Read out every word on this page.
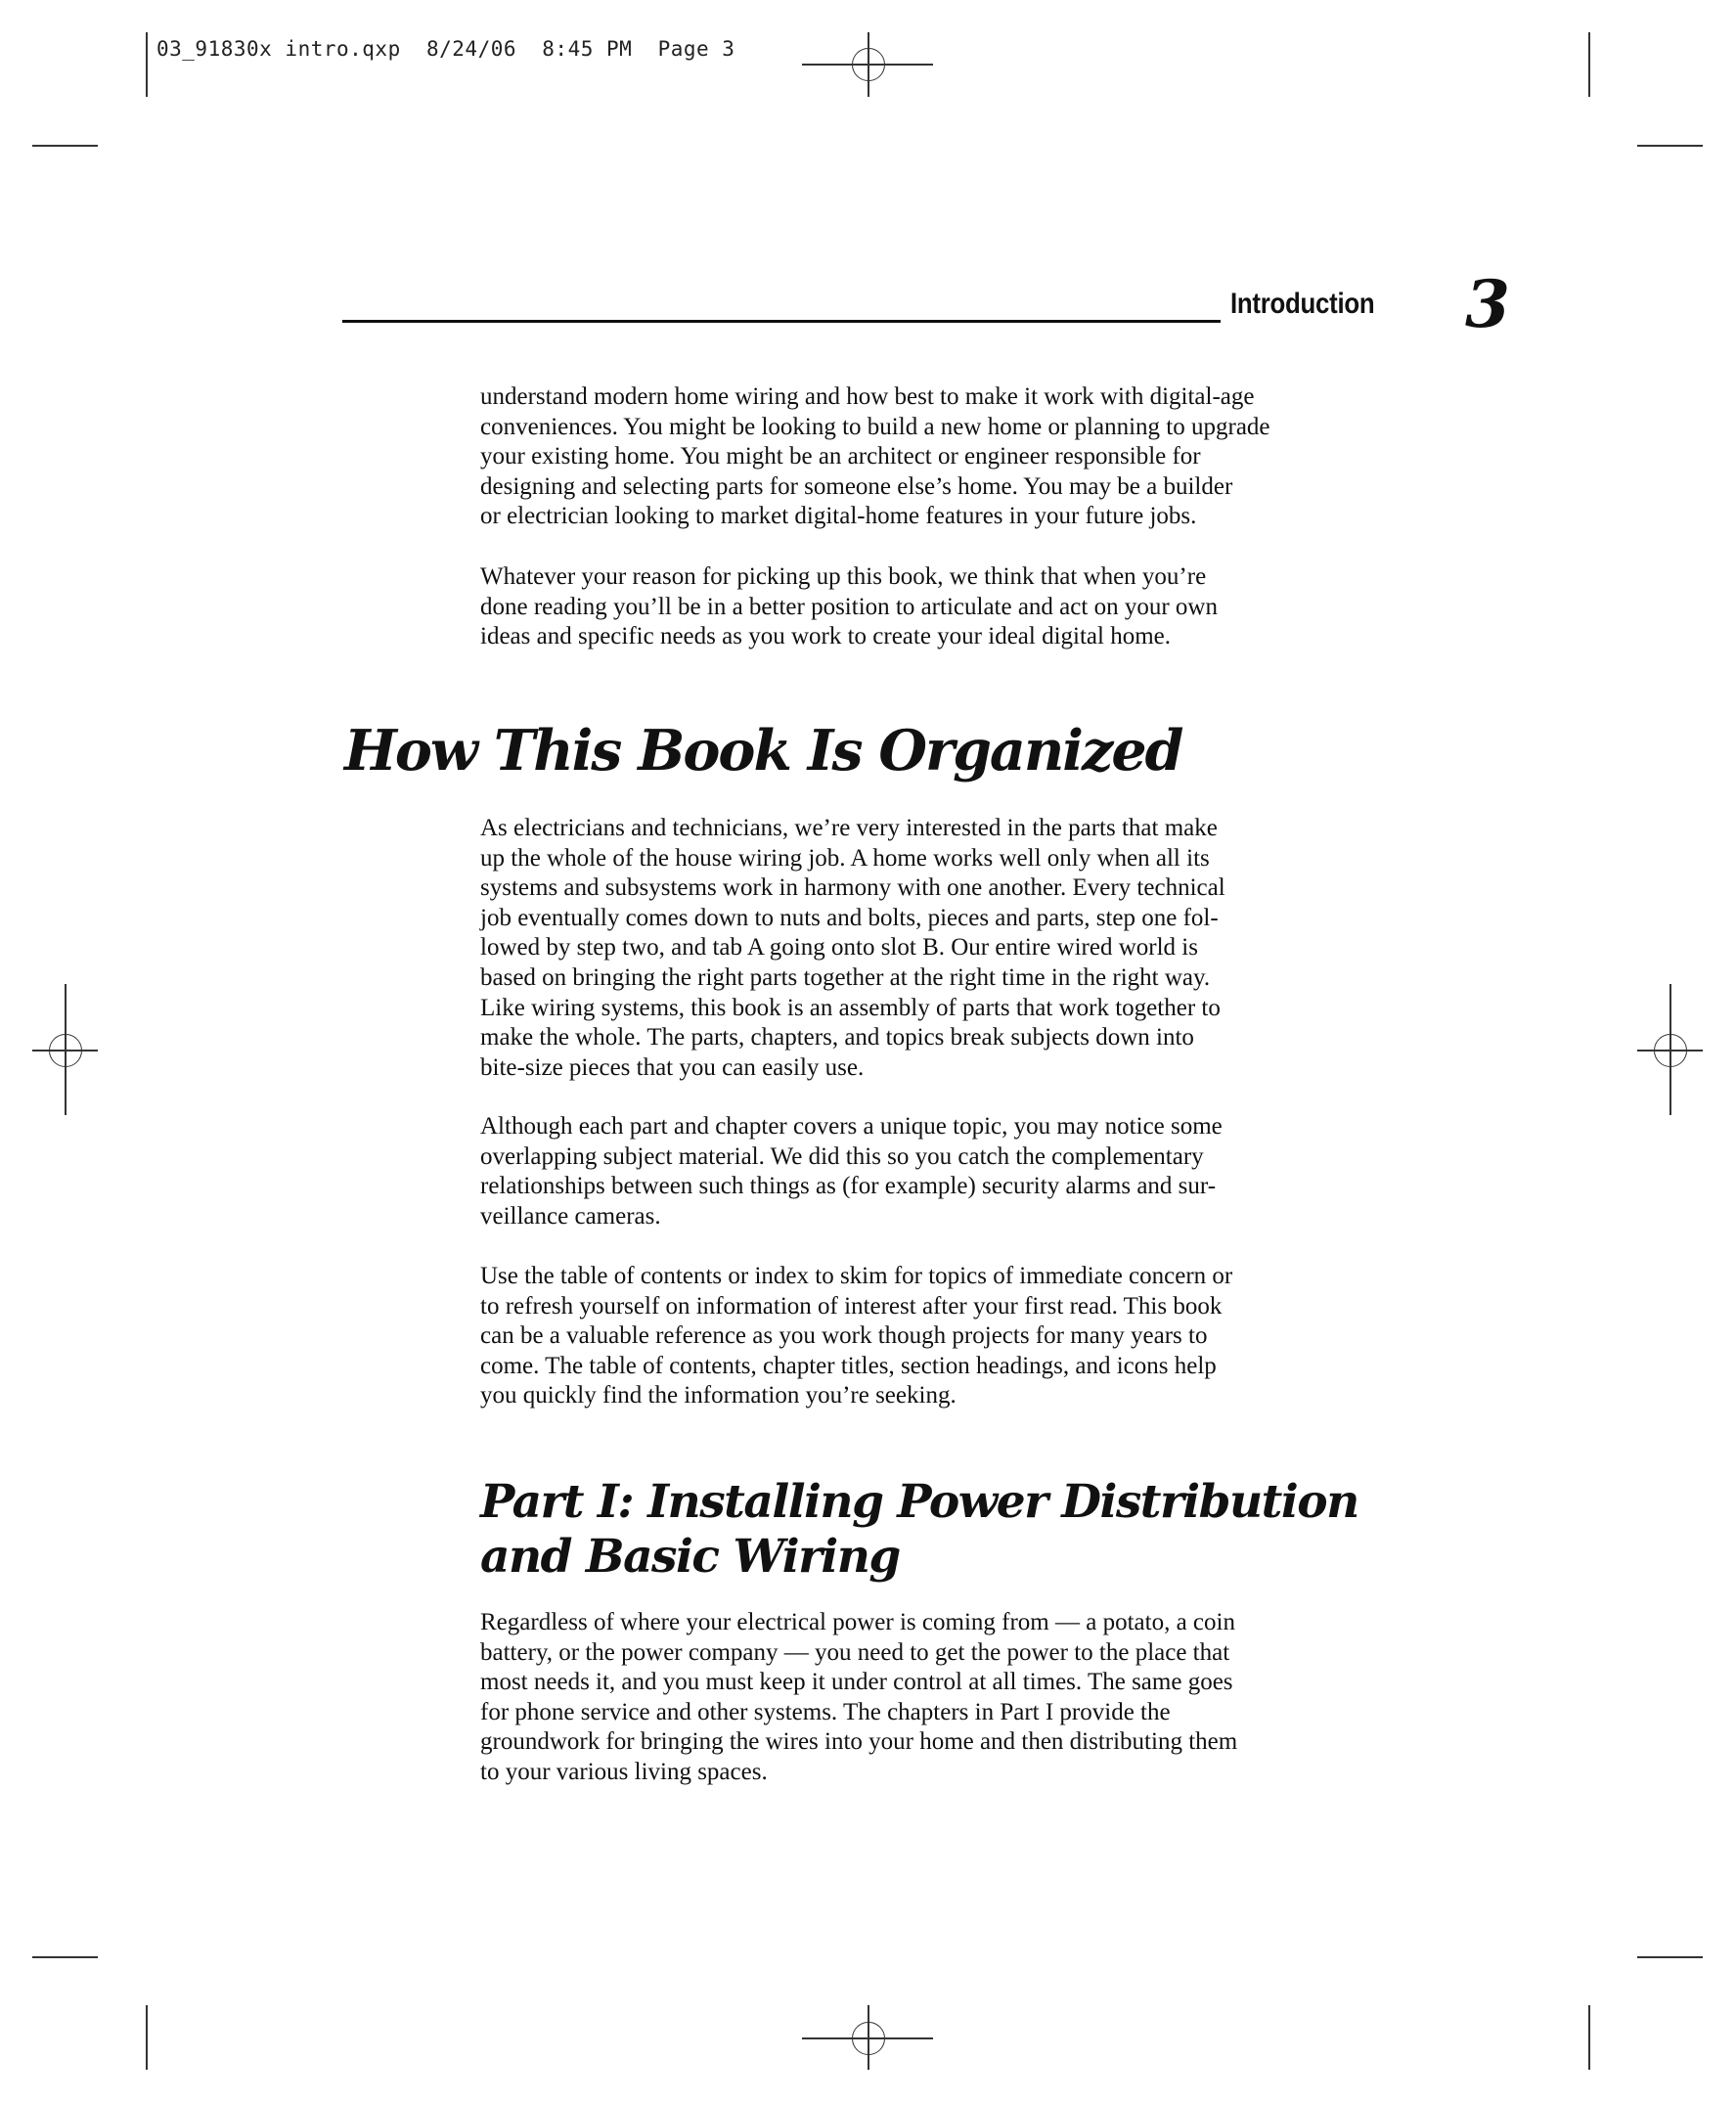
03_91830x intro.qxp  8/24/06  8:45 PM  Page 3
Introduction 3

understand modern home wiring and how best to make it work with digital-age
conveniences. You might be looking to build a new home or planning to upgrade
your existing home. You might be an architect or engineer responsible for
designing and selecting parts for someone else’s home. You may be a builder
or electrician looking to market digital-home features in your future jobs.

Whatever your reason for picking up this book, we think that when you’re
done reading you’ll be in a better position to articulate and act on your own
ideas and specific needs as you work to create your ideal digital home.

How This Book Is Organized

As electricians and technicians, we’re very interested in the parts that make
up the whole of the house wiring job. A home works well only when all its
systems and subsystems work in harmony with one another. Every technical
job eventually comes down to nuts and bolts, pieces and parts, step one fol-
lowed by step two, and tab A going onto slot B. Our entire wired world is
based on bringing the right parts together at the right time in the right way.
Like wiring systems, this book is an assembly of parts that work together to
make the whole. The parts, chapters, and topics break subjects down into
bite-size pieces that you can easily use.

Although each part and chapter covers a unique topic, you may notice some
overlapping subject material. We did this so you catch the complementary
relationships between such things as (for example) security alarms and sur-
veillance cameras.

Use the table of contents or index to skim for topics of immediate concern or
to refresh yourself on information of interest after your first read. This book
can be a valuable reference as you work though projects for many years to
come. The table of contents, chapter titles, section headings, and icons help
you quickly find the information you’re seeking.

Part I: Installing Power Distribution
and Basic Wiring

Regardless of where your electrical power is coming from — a potato, a coin
battery, or the power company — you need to get the power to the place that
most needs it, and you must keep it under control at all times. The same goes
for phone service and other systems. The chapters in Part I provide the
groundwork for bringing the wires into your home and then distributing them
to your various living spaces.
